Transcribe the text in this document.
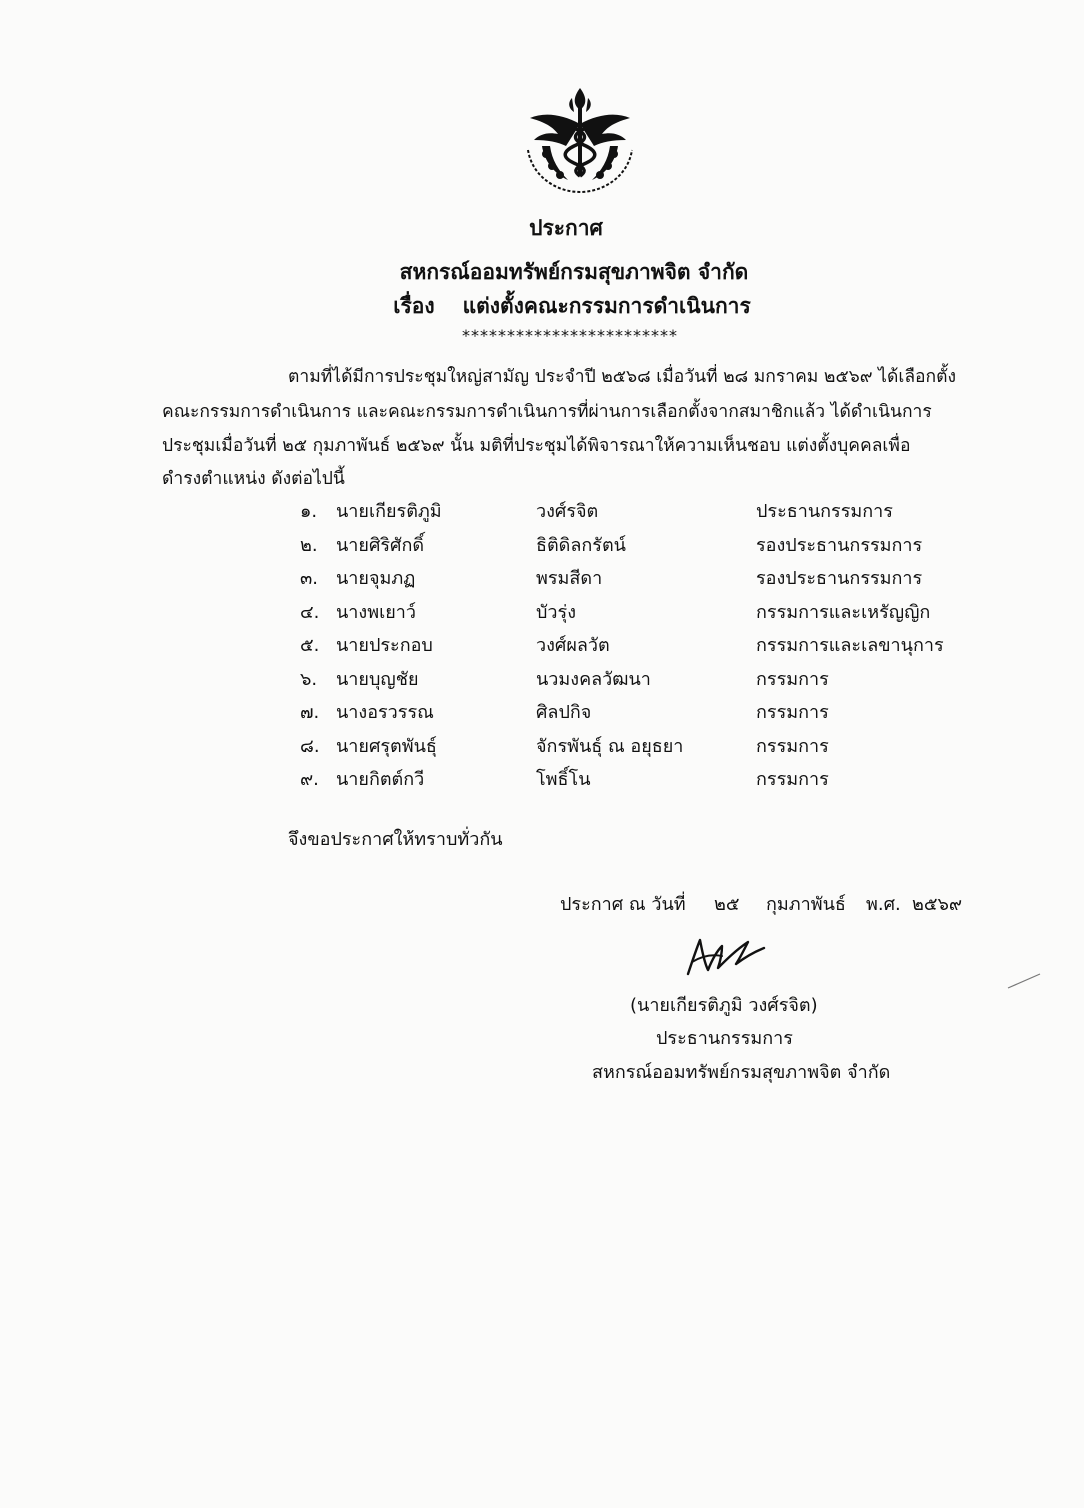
ประกาศ
สหกรณ์ออมทรัพย์กรมสุขภาพจิต จำกัด
เรื่อง แต่งตั้งคณะกรรมการดำเนินการ
************************
ตามที่ได้มีการประชุมใหญ่สามัญ ประจำปี ๒๕๖๘ เมื่อวันที่ ๒๘ มกราคม ๒๕๖๙ ได้เลือกตั้ง
คณะกรรมการดำเนินการ และคณะกรรมการดำเนินการที่ผ่านการเลือกตั้งจากสมาชิกแล้ว ได้ดำเนินการ
ประชุมเมื่อวันที่ ๒๕ กุมภาพันธ์ ๒๕๖๙ นั้น มติที่ประชุมได้พิจารณาให้ความเห็นชอบ แต่งตั้งบุคคลเพื่อ
ดำรงตำแหน่ง ดังต่อไปนี้
๑. นายเกียรติภูมิ	วงศ์รจิต	ประธานกรรมการ
๒. นายศิริศักดิ์	ธิติดิลกรัตน์	รองประธานกรรมการ
๓. นายจุมภฏ	พรมสีดา	รองประธานกรรมการ
๔. นางพเยาว์	บัวรุ่ง	กรรมการและเหรัญญิก
๕. นายประกอบ	วงศ์ผลวัต	กรรมการและเลขานุการ
๖. นายบุญชัย	นวมงคลวัฒนา	กรรมการ
๗. นางอรวรรณ	ศิลปกิจ	กรรมการ
๘. นายศรุตพันธุ์	จักรพันธุ์ ณ อยุธยา	กรรมการ
๙. นายกิตต์กวี	โพธิ์โน	กรรมการ
จึงขอประกาศให้ทราบทั่วกัน
ประกาศ ณ วันที่ ๒๕ กุมภาพันธ์ พ.ศ. ๒๕๖๙
(นายเกียรติภูมิ วงศ์รจิต)
ประธานกรรมการ
สหกรณ์ออมทรัพย์กรมสุขภาพจิต จำกัด
